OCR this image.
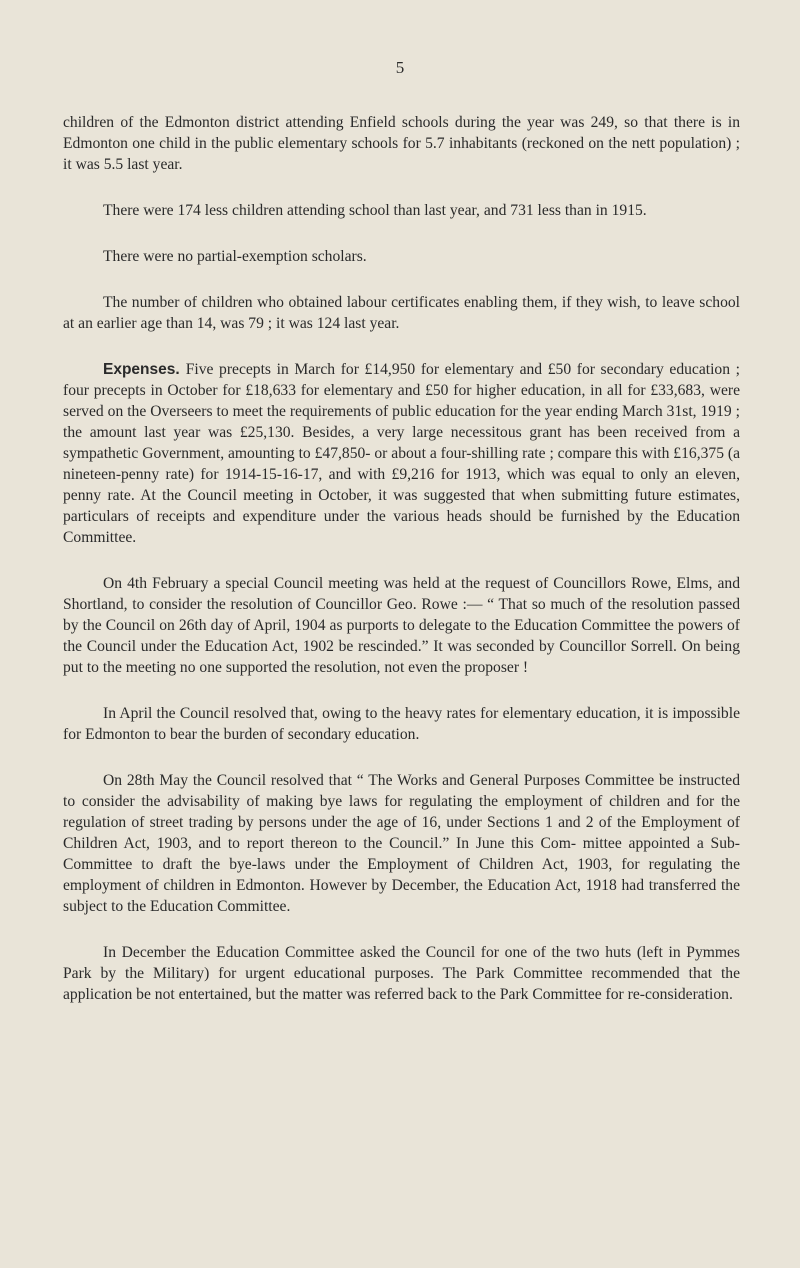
5

children of the Edmonton district attending Enfield schools during the year was 249, so that there is in Edmonton one child in the public elementary schools for 5.7 inhabitants (reckoned on the nett population) ; it was 5.5 last year.

There were 174 less children attending school than last year, and 731 less than in 1915.

There were no partial-exemption scholars.

The number of children who obtained labour certificates enabling them, if they wish, to leave school at an earlier age than 14, was 79 ; it was 124 last year.

Expenses. Five precepts in March for £14,950 for elementary and £50 for secondary education ; four precepts in October for £18,633 for elementary and £50 for higher education, in all for £33,683, were served on the Overseers to meet the requirements of public education for the year ending March 31st, 1919 ; the amount last year was £25,130. Besides, a very large necessitous grant has been received from a sympathetic Government, amounting to £47,850- or about a four-shilling rate ; compare this with £16,375 (a nineteen-penny rate) for 1914-15-16-17, and with £9,216 for 1913, which was equal to only an eleven, penny rate. At the Council meeting in October, it was suggested that when submitting future estimates, particulars of receipts and expenditure under the various heads should be furnished by the Education Committee.

On 4th February a special Council meeting was held at the request of Councillors Rowe, Elms, and Shortland, to consider the resolution of Councillor Geo. Rowe :— “ That so much of the resolution passed by the Council on 26th day of April, 1904 as purports to delegate to the Education Committee the powers of the Council under the Education Act, 1902 be rescinded.” It was seconded by Councillor Sorrell. On being put to the meeting no one supported the resolution, not even the proposer !

In April the Council resolved that, owing to the heavy rates for elementary education, it is impossible for Edmonton to bear the burden of secondary education.

On 28th May the Council resolved that “ The Works and General Purposes Committee be instructed to consider the advisability of making bye laws for regulating the employment of children and for the regulation of street trading by persons under the age of 16, under Sections 1 and 2 of the Employment of Children Act, 1903, and to report thereon to the Council.” In June this Com- mittee appointed a Sub-Committee to draft the bye-laws under the Employment of Children Act, 1903, for regulating the employment of children in Edmonton. However by December, the Education Act, 1918 had transferred the subject to the Education Committee.

In December the Education Committee asked the Council for one of the two huts (left in Pymmes Park by the Military) for urgent educational purposes. The Park Committee recommended that the application be not entertained, but the matter was referred back to the Park Committee for re-consideration.
